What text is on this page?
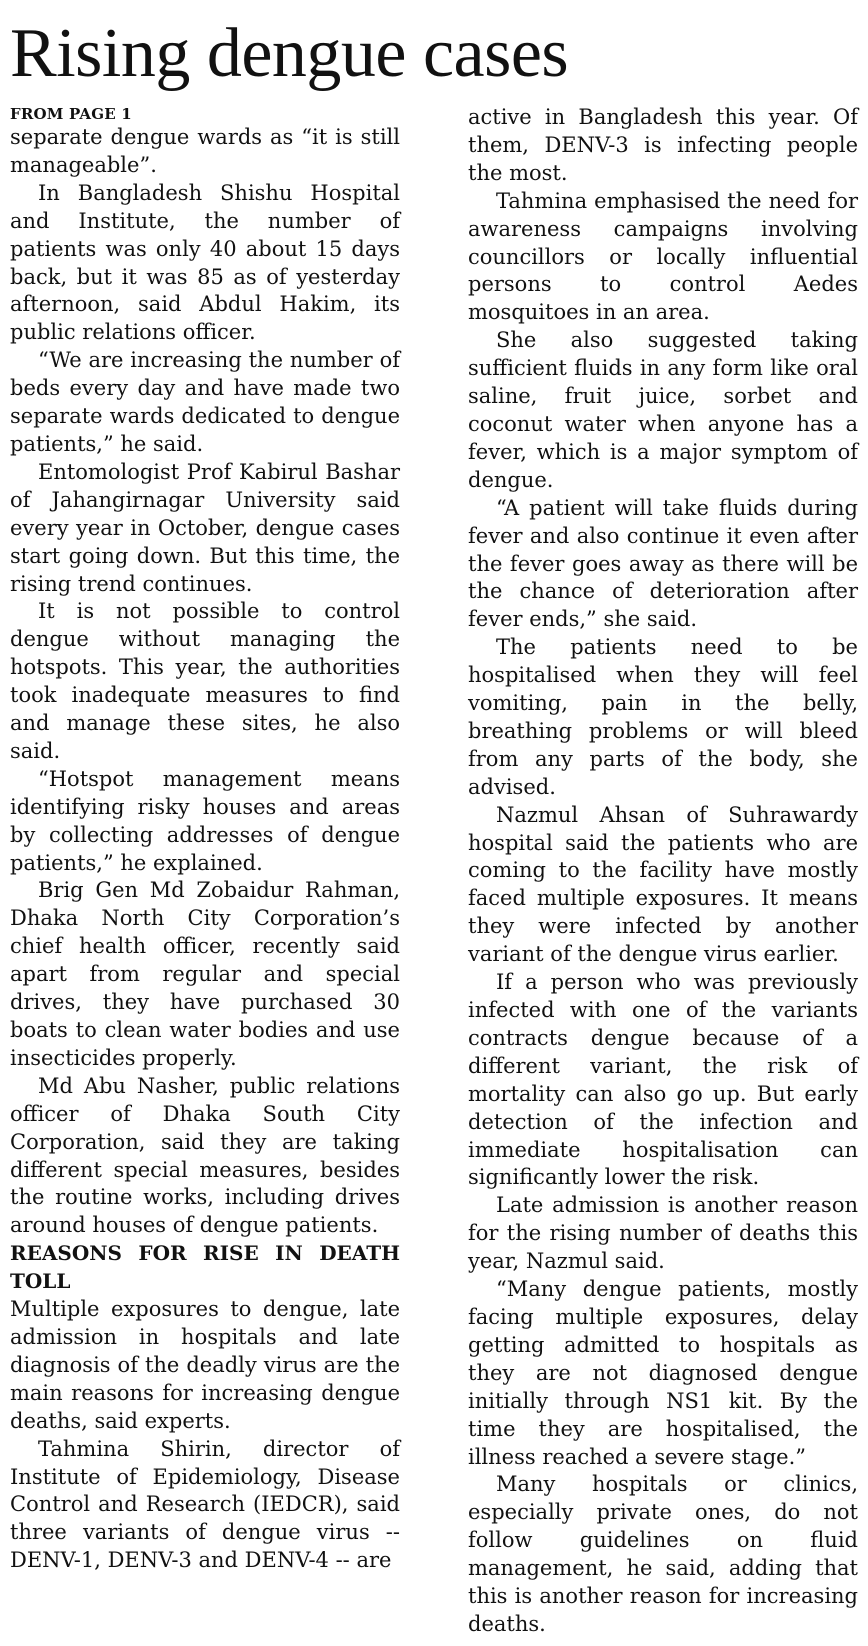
Rising dengue cases
FROM PAGE 1

separate dengue wards as “it is still manageable”.

In Bangladesh Shishu Hospital and Institute, the number of patients was only 40 about 15 days back, but it was 85 as of yesterday afternoon, said Abdul Hakim, its public relations officer.

“We are increasing the number of beds every day and have made two separate wards dedicated to dengue patients,” he said.

Entomologist Prof Kabirul Bashar of Jahangirnagar University said every year in October, dengue cases start going down. But this time, the rising trend continues.

It is not possible to control dengue without managing the hotspots. This year, the authorities took inadequate measures to find and manage these sites, he also said.

“Hotspot management means identifying risky houses and areas by collecting addresses of dengue patients,” he explained.

Brig Gen Md Zobaidur Rahman, Dhaka North City Corporation’s chief health officer, recently said apart from regular and special drives, they have purchased 30 boats to clean water bodies and use insecticides properly.

Md Abu Nasher, public relations officer of Dhaka South City Corporation, said they are taking different special measures, besides the routine works, including drives around houses of dengue patients.

REASONS FOR RISE IN DEATH TOLL

Multiple exposures to dengue, late admission in hospitals and late diagnosis of the deadly virus are the main reasons for increasing dengue deaths, said experts.

Tahmina Shirin, director of Institute of Epidemiology, Disease Control and Research (IEDCR), said three variants of dengue virus -- DENV-1, DENV-3 and DENV-4 -- are

active in Bangladesh this year. Of them, DENV-3 is infecting people the most.

Tahmina emphasised the need for awareness campaigns involving councillors or locally influential persons to control Aedes mosquitoes in an area.

She also suggested taking sufficient fluids in any form like oral saline, fruit juice, sorbet and coconut water when anyone has a fever, which is a major symptom of dengue.

“A patient will take fluids during fever and also continue it even after the fever goes away as there will be the chance of deterioration after fever ends,” she said.

The patients need to be hospitalised when they will feel vomiting, pain in the belly, breathing problems or will bleed from any parts of the body, she advised.

Nazmul Ahsan of Suhrawardy hospital said the patients who are coming to the facility have mostly faced multiple exposures. It means they were infected by another variant of the dengue virus earlier.

If a person who was previously infected with one of the variants contracts dengue because of a different variant, the risk of mortality can also go up. But early detection of the infection and immediate hospitalisation can significantly lower the risk.

Late admission is another reason for the rising number of deaths this year, Nazmul said.

“Many dengue patients, mostly facing multiple exposures, delay getting admitted to hospitals as they are not diagnosed dengue initially through NS1 kit. By the time they are hospitalised, the illness reached a severe stage.”

Many hospitals or clinics, especially private ones, do not follow guidelines on fluid management, he said, adding that this is another reason for increasing deaths.
